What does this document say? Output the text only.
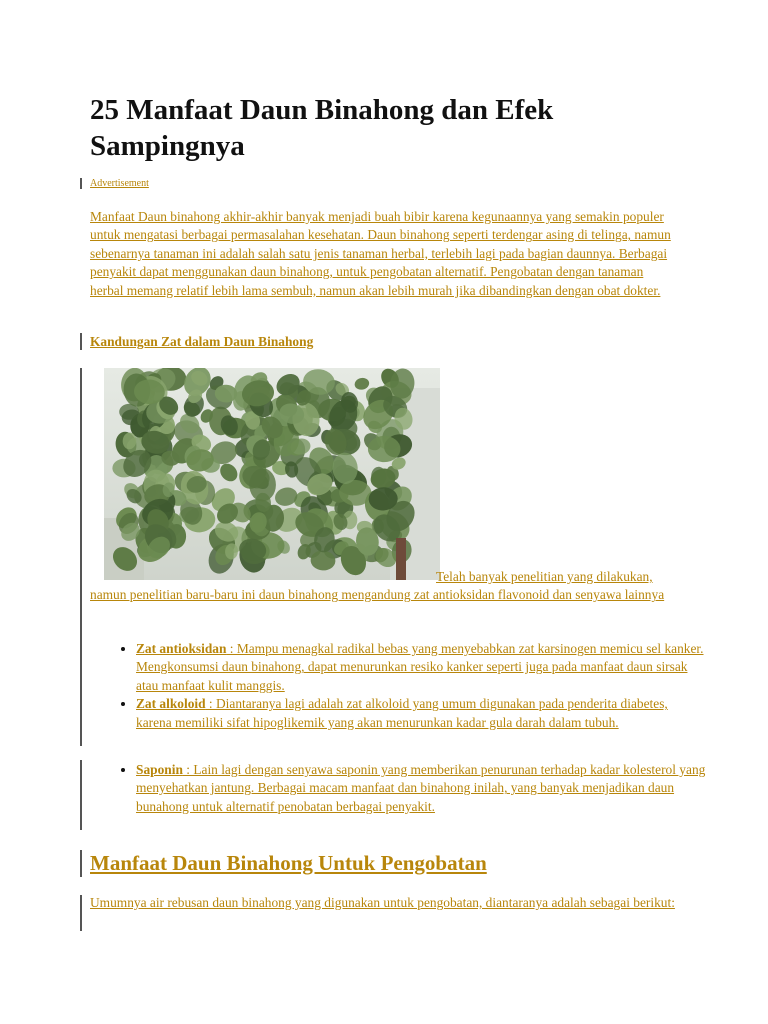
25 Manfaat Daun Binahong dan Efek Sampingnya
Advertisement

Manfaat Daun binahong akhir-akhir banyak menjadi buah bibir karena kegunaannya yang semakin populer untuk mengatasi berbagai permasalahan kesehatan. Daun binahong seperti terdengar asing di telinga, namun sebenarnya tanaman ini adalah salah satu jenis tanaman herbal, terlebih lagi pada bagian daunnya. Berbagai penyakit dapat menggunakan daun binahong, untuk pengobatan alternatif. Pengobatan dengan tanaman herbal memang relatif lebih lama sembuh, namun akan lebih murah jika dibandingkan dengan obat dokter.

Kandungan Zat dalam Daun Binahong

Telah banyak penelitian yang dilakukan, namun penelitian baru-baru ini daun binahong mengandung zat antioksidan flavonoid dan senyawa lainnya

• Zat antioksidan : Mampu menagkal radikal bebas yang menyebabkan zat karsinogen memicu sel kanker. Mengkonsumsi daun binahong, dapat menurunkan resiko kanker seperti juga pada manfaat daun sirsak atau manfaat kulit manggis.
• Zat alkoloid : Diantaranya lagi adalah zat alkoloid yang umum digunakan pada penderita diabetes, karena memiliki sifat hipoglikemik yang akan menurunkan kadar gula darah dalam tubuh.
• Saponin : Lain lagi dengan senyawa saponin yang memberikan penurunan terhadap kadar kolesterol yang menyehatkan jantung. Berbagai macam manfaat dan binahong inilah, yang banyak menjadikan daun bunahong untuk alternatif penobatan berbagai penyakit.
Manfaat Daun Binahong Untuk Pengobatan

Umumnya air rebusan daun binahong yang digunakan untuk pengobatan, diantaranya adalah sebagai berikut:
